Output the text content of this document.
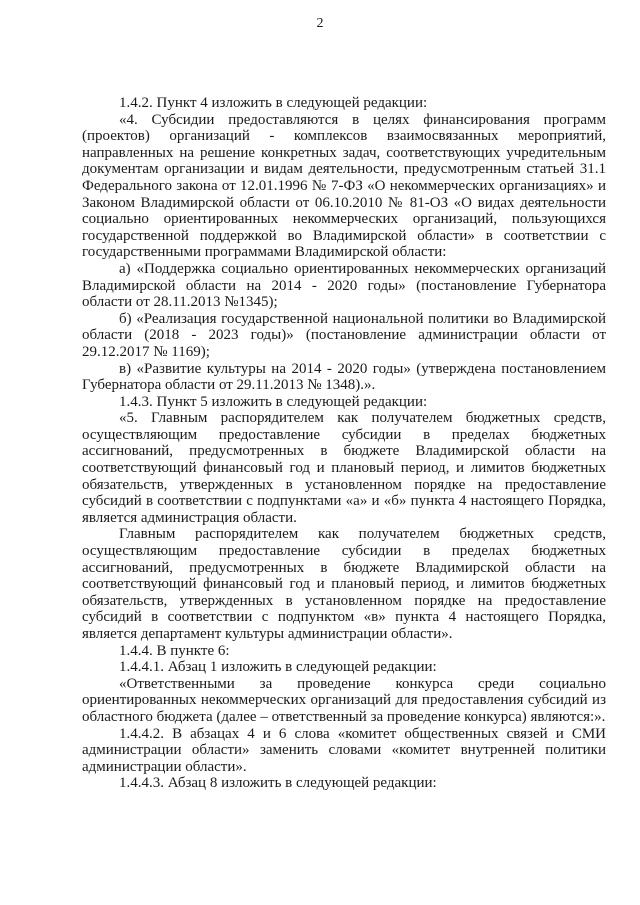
2

1.4.2. Пункт 4 изложить в следующей редакции:

«4. Субсидии предоставляются в целях финансирования программ (проектов) организаций - комплексов взаимосвязанных мероприятий, направленных на решение конкретных задач, соответствующих учредительным документам организации и видам деятельности, предусмотренным статьей 31.1 Федерального закона от 12.01.1996 № 7-ФЗ «О некоммерческих организациях» и Законом Владимирской области от 06.10.2010 № 81-ОЗ «О видах деятельности социально ориентированных некоммерческих организаций, пользующихся государственной поддержкой во Владимирской области» в соответствии с государственными программами Владимирской области:

а) «Поддержка социально ориентированных некоммерческих организаций Владимирской области на 2014 - 2020 годы» (постановление Губернатора области от 28.11.2013 №1345);

б) «Реализация государственной национальной политики во Владимирской области (2018 - 2023 годы)» (постановление администрации области от 29.12.2017 № 1169);

в) «Развитие культуры на 2014 - 2020 годы» (утверждена постановлением Губернатора области от 29.11.2013 № 1348).».

1.4.3. Пункт 5 изложить в следующей редакции:

«5. Главным распорядителем как получателем бюджетных средств, осуществляющим предоставление субсидии в пределах бюджетных ассигнований, предусмотренных в бюджете Владимирской области на соответствующий финансовый год и плановый период, и лимитов бюджетных обязательств, утвержденных в установленном порядке на предоставление субсидий в соответствии с подпунктами «а» и «б» пункта 4 настоящего Порядка, является администрация области.

Главным распорядителем как получателем бюджетных средств, осуществляющим предоставление субсидии в пределах бюджетных ассигнований, предусмотренных в бюджете Владимирской области на соответствующий финансовый год и плановый период, и лимитов бюджетных обязательств, утвержденных в установленном порядке на предоставление субсидий в соответствии с подпунктом «в» пункта 4 настоящего Порядка, является департамент культуры администрации области».

1.4.4. В пункте 6:

1.4.4.1. Абзац 1 изложить в следующей редакции:

«Ответственными за проведение конкурса среди социально ориентированных некоммерческих организаций для предоставления субсидий из областного бюджета (далее – ответственный за проведение конкурса) являются:».

1.4.4.2. В абзацах 4 и 6 слова «комитет общественных связей и СМИ администрации области» заменить словами «комитет внутренней политики администрации области».

1.4.4.3. Абзац 8 изложить в следующей редакции:
